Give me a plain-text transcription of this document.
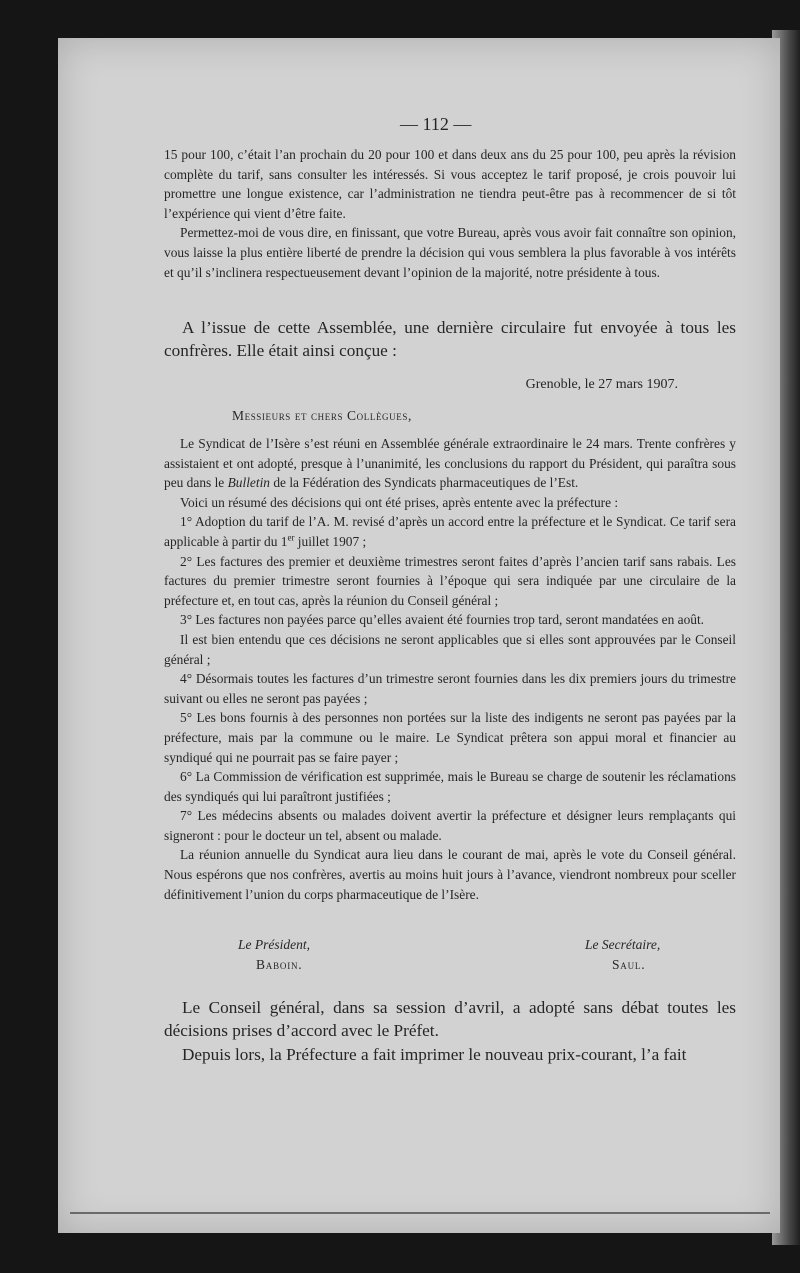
— 112 —

15 pour 100, c’était l’an prochain du 20 pour 100 et dans deux ans du 25 pour 100, peu après la révision complète du tarif, sans consulter les intéressés. Si vous acceptez le tarif proposé, je crois pouvoir lui promettre une longue existence, car l’administration ne tiendra peut-être pas à recommencer de si tôt l’expérience qui vient d’être faite.

Permettez-moi de vous dire, en finissant, que votre Bureau, après vous avoir fait connaître son opinion, vous laisse la plus entière liberté de prendre la décision qui vous semblera la plus favorable à vos intérêts et qu’il s’inclinera respectueusement devant l’opinion de la majorité, notre présidente à tous.

A l’issue de cette Assemblée, une dernière circulaire fut envoyée à tous les confrères. Elle était ainsi conçue :

Grenoble, le 27 mars 1907.
Messieurs et chers Collègues,

Le Syndicat de l’Isère s’est réuni en Assemblée générale extraordinaire le 24 mars. Trente confrères y assistaient et ont adopté, presque à l’unanimité, les conclusions du rapport du Président, qui paraîtra sous peu dans le Bulletin de la Fédération des Syndicats pharmaceutiques de l’Est.

Voici un résumé des décisions qui ont été prises, après entente avec la préfecture :

1° Adoption du tarif de l’A. M. revisé d’après un accord entre la préfecture et le Syndicat. Ce tarif sera applicable à partir du 1er juillet 1907 ;

2° Les factures des premier et deuxième trimestres seront faites d’après l’ancien tarif sans rabais. Les factures du premier trimestre seront fournies à l’époque qui sera indiquée par une circulaire de la préfecture et, en tout cas, après la réunion du Conseil général ;

3° Les factures non payées parce qu’elles avaient été fournies trop tard, seront mandatées en août.

Il est bien entendu que ces décisions ne seront applicables que si elles sont approuvées par le Conseil général ;

4° Désormais toutes les factures d’un trimestre seront fournies dans les dix premiers jours du trimestre suivant ou elles ne seront pas payées ;

5° Les bons fournis à des personnes non portées sur la liste des indigents ne seront pas payées par la préfecture, mais par la commune ou le maire. Le Syndicat prêtera son appui moral et financier au syndiqué qui ne pourrait pas se faire payer ;

6° La Commission de vérification est supprimée, mais le Bureau se charge de soutenir les réclamations des syndiqués qui lui paraîtront justifiées ;

7° Les médecins absents ou malades doivent avertir la préfecture et désigner leurs remplaçants qui signeront : pour le docteur un tel, absent ou malade.

La réunion annuelle du Syndicat aura lieu dans le courant de mai, après le vote du Conseil général. Nous espérons que nos confrères, avertis au moins huit jours à l’avance, viendront nombreux pour sceller définitivement l’union du corps pharmaceutique de l’Isère.

Le Président,
Baboin.
Le Secrétaire,
Saul.

Le Conseil général, dans sa session d’avril, a adopté sans débat toutes les décisions prises d’accord avec le Préfet.

Depuis lors, la Préfecture a fait imprimer le nouveau prix-courant, l’a fait
